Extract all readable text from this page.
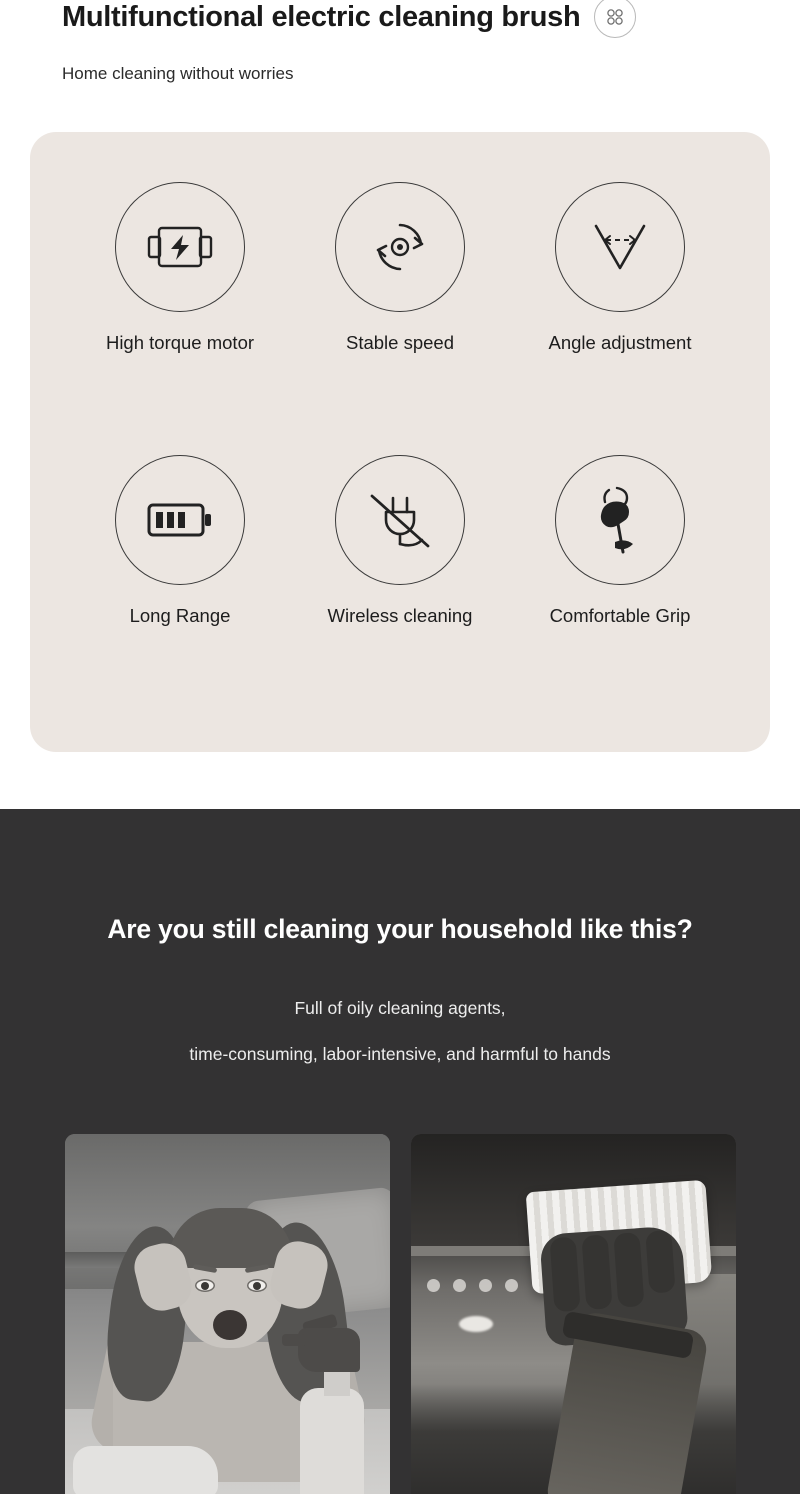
Multifunctional electric cleaning brush
Home cleaning without worries
High torque motor	Stable speed	Angle adjustment
Long Range	Wireless cleaning	Comfortable Grip
Are you still cleaning your household like this?
Full of oily cleaning agents,
time-consuming, labor-intensive, and harmful to hands
